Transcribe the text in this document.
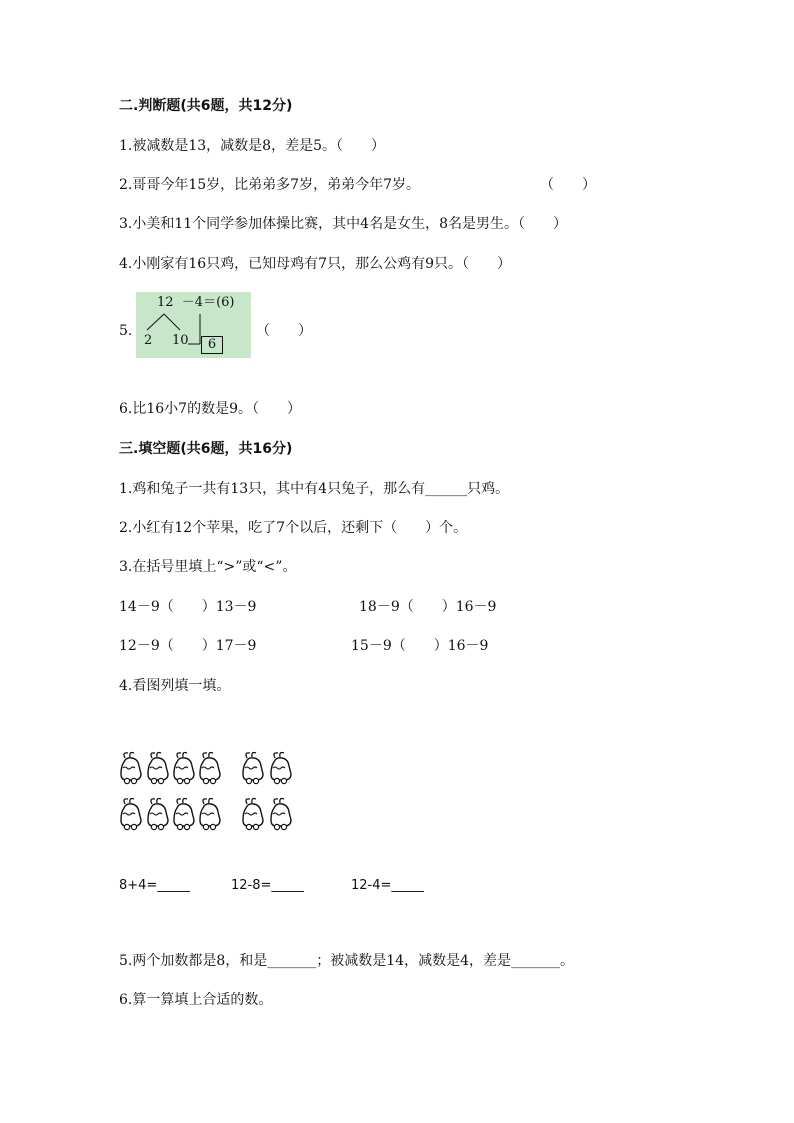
二.判断题(共6题，共12分)
1.被减数是13，减数是8，差是5。（　　）
2.哥哥今年15岁，比弟弟多7岁，弟弟今年7岁。	（　　）
3.小美和11个同学参加体操比赛，其中4名是女生，8名是男生。（　　）
4.小刚家有16只鸡，已知母鸡有7只，那么公鸡有9只。（　　）
5.
12  －4＝(6)
2 10	6
（　　）
6.比16小7的数是9。（　　）
三.填空题(共6题，共16分)
1.鸡和兔子一共有13只，其中有4只兔子，那么有______只鸡。
2.小红有12个苹果，吃了7个以后，还剩下（　　）个。
3.在括号里填上“>”或“<”。
14－9（　　）13－9	18－9（　　）16－9
12－9（　　）17－9	15－9（　　）16－9
4.看图列填一填。
8+4=_____	12-8=_____	12-4=_____
5.两个加数都是8，和是_______；被减数是14，减数是4，差是_______。
6.算一算填上合适的数。
